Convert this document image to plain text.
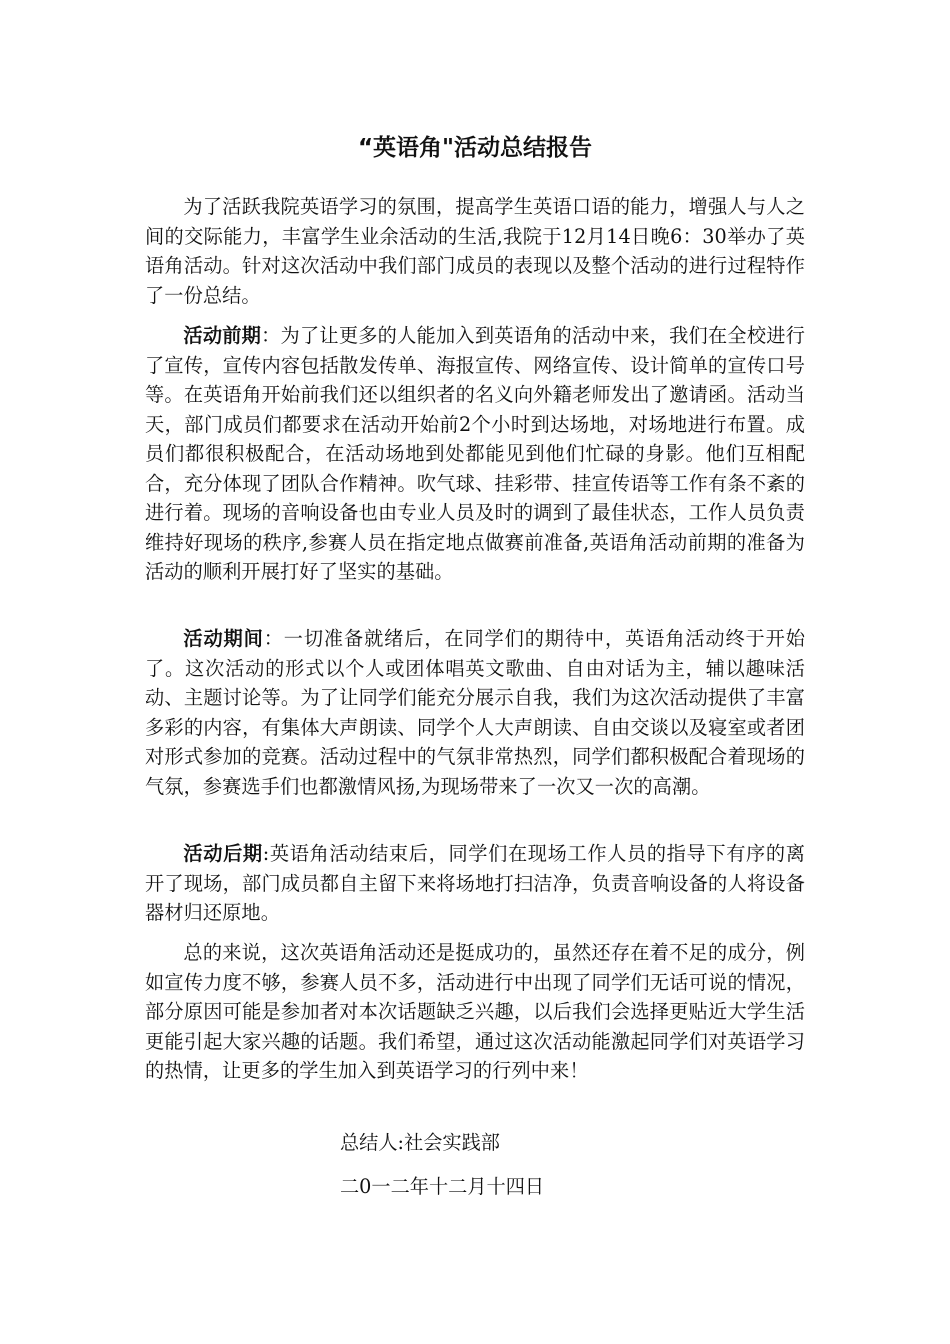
“英语角"活动总结报告

为了活跃我院英语学习的氛围，提高学生英语口语的能力，增强人与人之间的交际能力，丰富学生业余活动的生活,我院于12月14日晚6：30举办了英语角活动。针对这次活动中我们部门成员的表现以及整个活动的进行过程特作了一份总结。

活动前期：为了让更多的人能加入到英语角的活动中来，我们在全校进行了宣传，宣传内容包括散发传单、海报宣传、网络宣传、设计简单的宣传口号等。在英语角开始前我们还以组织者的名义向外籍老师发出了邀请函。活动当天，部门成员们都要求在活动开始前2个小时到达场地，对场地进行布置。成员们都很积极配合，在活动场地到处都能见到他们忙碌的身影。他们互相配合，充分体现了团队合作精神。吹气球、挂彩带、挂宣传语等工作有条不紊的进行着。现场的音响设备也由专业人员及时的调到了最佳状态，工作人员负责维持好现场的秩序,参赛人员在指定地点做赛前准备,英语角活动前期的准备为活动的顺利开展打好了坚实的基础。

活动期间：一切准备就绪后，在同学们的期待中，英语角活动终于开始了。这次活动的形式以个人或团体唱英文歌曲、自由对话为主，辅以趣味活动、主题讨论等。为了让同学们能充分展示自我，我们为这次活动提供了丰富多彩的内容，有集体大声朗读、同学个人大声朗读、自由交谈以及寝室或者团对形式参加的竞赛。活动过程中的气氛非常热烈，同学们都积极配合着现场的气氛，参赛选手们也都激情风扬,为现场带来了一次又一次的高潮。

活动后期:英语角活动结束后，同学们在现场工作人员的指导下有序的离开了现场，部门成员都自主留下来将场地打扫洁净，负责音响设备的人将设备器材归还原地。

总的来说，这次英语角活动还是挺成功的，虽然还存在着不足的成分，例如宣传力度不够，参赛人员不多，活动进行中出现了同学们无话可说的情况，部分原因可能是参加者对本次话题缺乏兴趣，以后我们会选择更贴近大学生活更能引起大家兴趣的话题。我们希望，通过这次活动能激起同学们对英语学习的热情，让更多的学生加入到英语学习的行列中来！

总结人:社会实践部

二0一二年十二月十四日
